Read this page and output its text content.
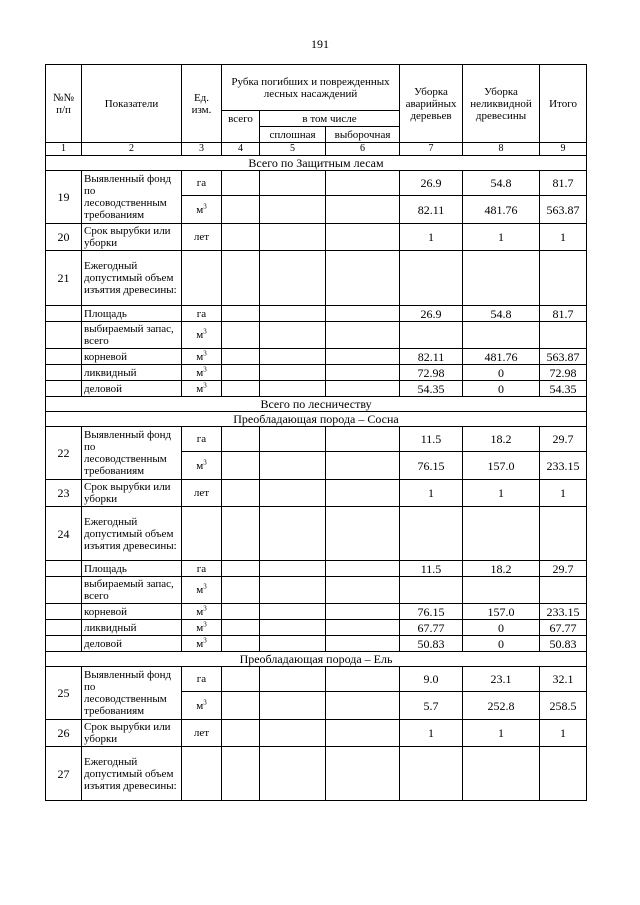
191
№№ п/п	Показатели	Ед. изм.	Рубка погибших и поврежденных лесных насаждений			Уборка аварийных деревьев	Уборка неликвидной древесины	Итого
			всего	в том числе				
				сплошная	выборочная			
1	2	3	4	5	6	7	8	9
Всего по Защитным лесам								
19	Выявленный фонд по лесоводственным требованиям	га				26.9	54.8	81.7
		$м^3$				82.11	481.76	563.87
20	Срок вырубки или уборки	лет				1	1	1
21	Ежегодный допустимый объем изъятия древесины:							
	Площадь	га				26.9	54.8	81.7
	выбираемый запас, всего	$м^3$						
	корневой	$м^3$				82.11	481.76	563.87
	ликвидный	$м^3$				72.98	0	72.98
	деловой	$м^3$				54.35	0	54.35
Всего по лесничеству								
Преобладающая порода – Сосна								
22	Выявленный фонд по лесоводственным требованиям	га				11.5	18.2	29.7
		$м^3$				76.15	157.0	233.15
23	Срок вырубки или уборки	лет				1	1	1
24	Ежегодный допустимый объем изъятия древесины:							
	Площадь	га				11.5	18.2	29.7
	выбираемый запас, всего	$м^3$						
	корневой	$м^3$				76.15	157.0	233.15
	ликвидный	$м^3$				67.77	0	67.77
	деловой	$м^3$				50.83	0	50.83
Преобладающая порода – Ель								
25	Выявленный фонд по лесоводственным требованиям	га				9.0	23.1	32.1
		$м^3$				5.7	252.8	258.5
26	Срок вырубки или уборки	лет				1	1	1
27	Ежегодный допустимый объем изъятия древесины:							
